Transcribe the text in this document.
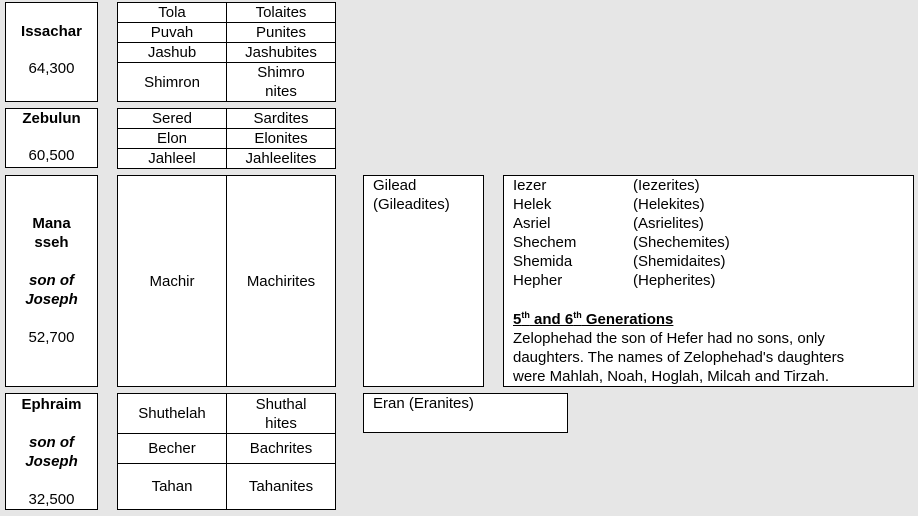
Issachar
64,300
Tola	Tolaites
Puvah	Punites
Jashub	Jashubites
Shimron	Shimro
nites
Zebulun
60,500
Sered	Sardites
Elon	Elonites
Jahleel	Jahleelites
Mana
sseh
son of
Joseph
52,700
Machir	Machirites
Gilead
(Gileadites)
Iezer	(Iezerites)
Helek	(Helekites)
Asriel	(Asrielites)
Shechem	(Shechemites)
Shemida	(Shemidaites)
Hepher	(Hepherites)
5th and 6th Generations
Zelophehad the son of Hefer had no sons, only
daughters. The names of Zelophehad's daughters
were Mahlah, Noah, Hoglah, Milcah and Tirzah.
Ephraim
son of
Joseph
32,500
Shuthelah	Shuthal
hites
Becher	Bachrites
Tahan	Tahanites
Eran (Eranites)
